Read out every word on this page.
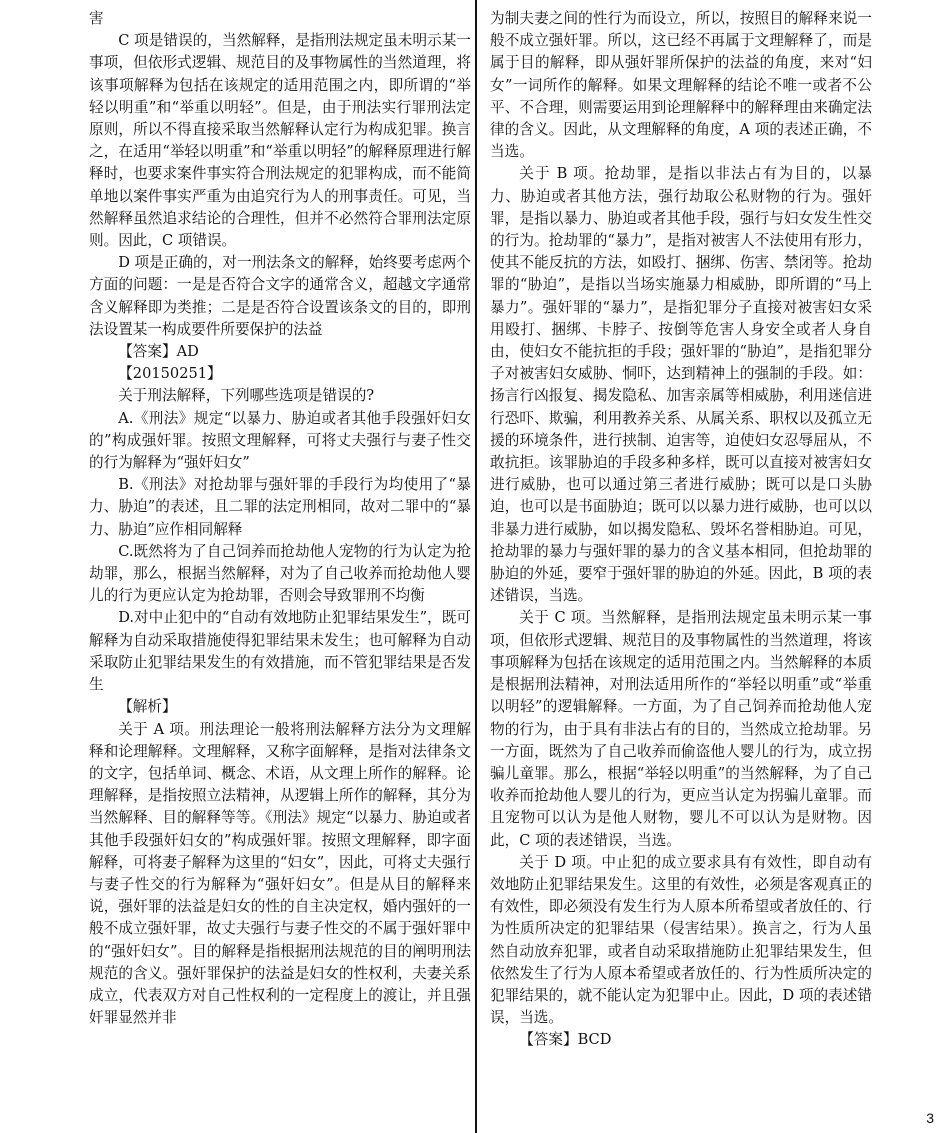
害

C 项是错误的，当然解释，是指刑法规定虽未明示某一事项，但依形式逻辑、规范目的及事物属性的当然道理，将该事项解释为包括在该规定的适用范围之内，即所谓的“举轻以明重”和“举重以明轻”。但是，由于刑法实行罪刑法定原则，所以不得直接采取当然解释认定行为构成犯罪。换言之，在适用“举轻以明重”和“举重以明轻”的解释原理进行解释时，也要求案件事实符合刑法规定的犯罪构成，而不能简单地以案件事实严重为由追究行为人的刑事责任。可见，当然解释虽然追求结论的合理性，但并不必然符合罪刑法定原则。因此，C 项错误。

D 项是正确的，对一刑法条文的解释，始终要考虑两个方面的问题：一是是否符合文字的通常含义，超越文字通常含义解释即为类推；二是是否符合设置该条文的目的，即刑法设置某一构成要件所要保护的法益

【答案】AD

【20150251】

关于刑法解释，下列哪些选项是错误的?

A.《刑法》规定“以暴力、胁迫或者其他手段强奸妇女的”构成强奸罪。按照文理解释，可将丈夫强行与妻子性交的行为解释为“强奸妇女”

B.《刑法》对抢劫罪与强奸罪的手段行为均使用了“暴力、胁迫”的表述，且二罪的法定刑相同，故对二罪中的“暴力、胁迫”应作相同解释

C.既然将为了自己饲养而抢劫他人宠物的行为认定为抢劫罪，那么，根据当然解释，对为了自己收养而抢劫他人婴儿的行为更应认定为抢劫罪，否则会导致罪刑不均衡

D.对中止犯中的“自动有效地防止犯罪结果发生”，既可解释为自动采取措施使得犯罪结果未发生；也可解释为自动采取防止犯罪结果发生的有效措施，而不管犯罪结果是否发生

【解析】

关于 A 项。刑法理论一般将刑法解释方法分为文理解释和论理解释。文理解释，又称字面解释，是指对法律条文的文字，包括单词、概念、术语，从文理上所作的解释。论理解释，是指按照立法精神，从逻辑上所作的解释，其分为当然解释、目的解释等等。《刑法》规定“以暴力、胁迫或者其他手段强奸妇女的”构成强奸罪。按照文理解释，即字面解释，可将妻子解释为这里的“妇女”，因此，可将丈夫强行与妻子性交的行为解释为“强奸妇女”。但是从目的解释来说，强奸罪的法益是妇女的性的自主决定权，婚内强奸的一般不成立强奸罪，故丈夫强行与妻子性交的不属于强奸罪中的“强奸妇女”。目的解释是指根据刑法规范的目的阐明刑法规范的含义。强奸罪保护的法益是妇女的性权利，夫妻关系成立，代表双方对自己性权利的一定程度上的渡让，并且强奸罪显然并非

为制夫妻之间的性行为而设立，所以，按照目的解释来说一般不成立强奸罪。所以，这已经不再属于文理解释了，而是属于目的解释，即从强奸罪所保护的法益的角度，来对“妇女”一词所作的解释。如果文理解释的结论不唯一或者不公平、不合理，则需要运用到论理解释中的解释理由来确定法律的含义。因此，从文理解释的角度，A 项的表述正确，不当选。

关于 B 项。抢劫罪，是指以非法占有为目的，以暴力、胁迫或者其他方法，强行劫取公私财物的行为。强奸罪，是指以暴力、胁迫或者其他手段，强行与妇女发生性交的行为。抢劫罪的“暴力”，是指对被害人不法使用有形力，使其不能反抗的方法，如殴打、捆绑、伤害、禁闭等。抢劫罪的“胁迫”，是指以当场实施暴力相威胁，即所谓的“马上暴力”。强奸罪的“暴力”，是指犯罪分子直接对被害妇女采用殴打、捆绑、卡脖子、按倒等危害人身安全或者人身自由，使妇女不能抗拒的手段；强奸罪的“胁迫”，是指犯罪分子对被害妇女威胁、恫吓，达到精神上的强制的手段。如：扬言行凶报复、揭发隐私、加害亲属等相威胁，利用迷信进行恐吓、欺骗，利用教养关系、从属关系、职权以及孤立无援的环境条件，进行挟制、迫害等，迫使妇女忍辱屈从，不敢抗拒。该罪胁迫的手段多种多样，既可以直接对被害妇女进行威胁，也可以通过第三者进行威胁；既可以是口头胁迫，也可以是书面胁迫；既可以以暴力进行威胁，也可以以非暴力进行威胁，如以揭发隐私、毁坏名誉相胁迫。可见，抢劫罪的暴力与强奸罪的暴力的含义基本相同，但抢劫罪的胁迫的外延，要窄于强奸罪的胁迫的外延。因此，B 项的表述错误，当选。

关于 C 项。当然解释，是指刑法规定虽未明示某一事项，但依形式逻辑、规范目的及事物属性的当然道理，将该事项解释为包括在该规定的适用范围之内。当然解释的本质是根据刑法精神，对刑法适用所作的“举轻以明重”或“举重以明轻”的逻辑解释。一方面，为了自己饲养而抢劫他人宠物的行为，由于具有非法占有的目的，当然成立抢劫罪。另一方面，既然为了自己收养而偷盗他人婴儿的行为，成立拐骗儿童罪。那么，根据“举轻以明重”的当然解释，为了自己收养而抢劫他人婴儿的行为，更应当认定为拐骗儿童罪。而且宠物可以认为是他人财物，婴儿不可以认为是财物。因此，C 项的表述错误，当选。

关于 D 项。中止犯的成立要求具有有效性，即自动有效地防止犯罪结果发生。这里的有效性，必须是客观真正的有效性，即必须没有发生行为人原本所希望或者放任的、行为性质所决定的犯罪结果（侵害结果）。换言之，行为人虽然自动放弃犯罪，或者自动采取措施防止犯罪结果发生，但依然发生了行为人原本希望或者放任的、行为性质所决定的犯罪结果的，就不能认定为犯罪中止。因此，D 项的表述错误，当选。

【答案】BCD

3
